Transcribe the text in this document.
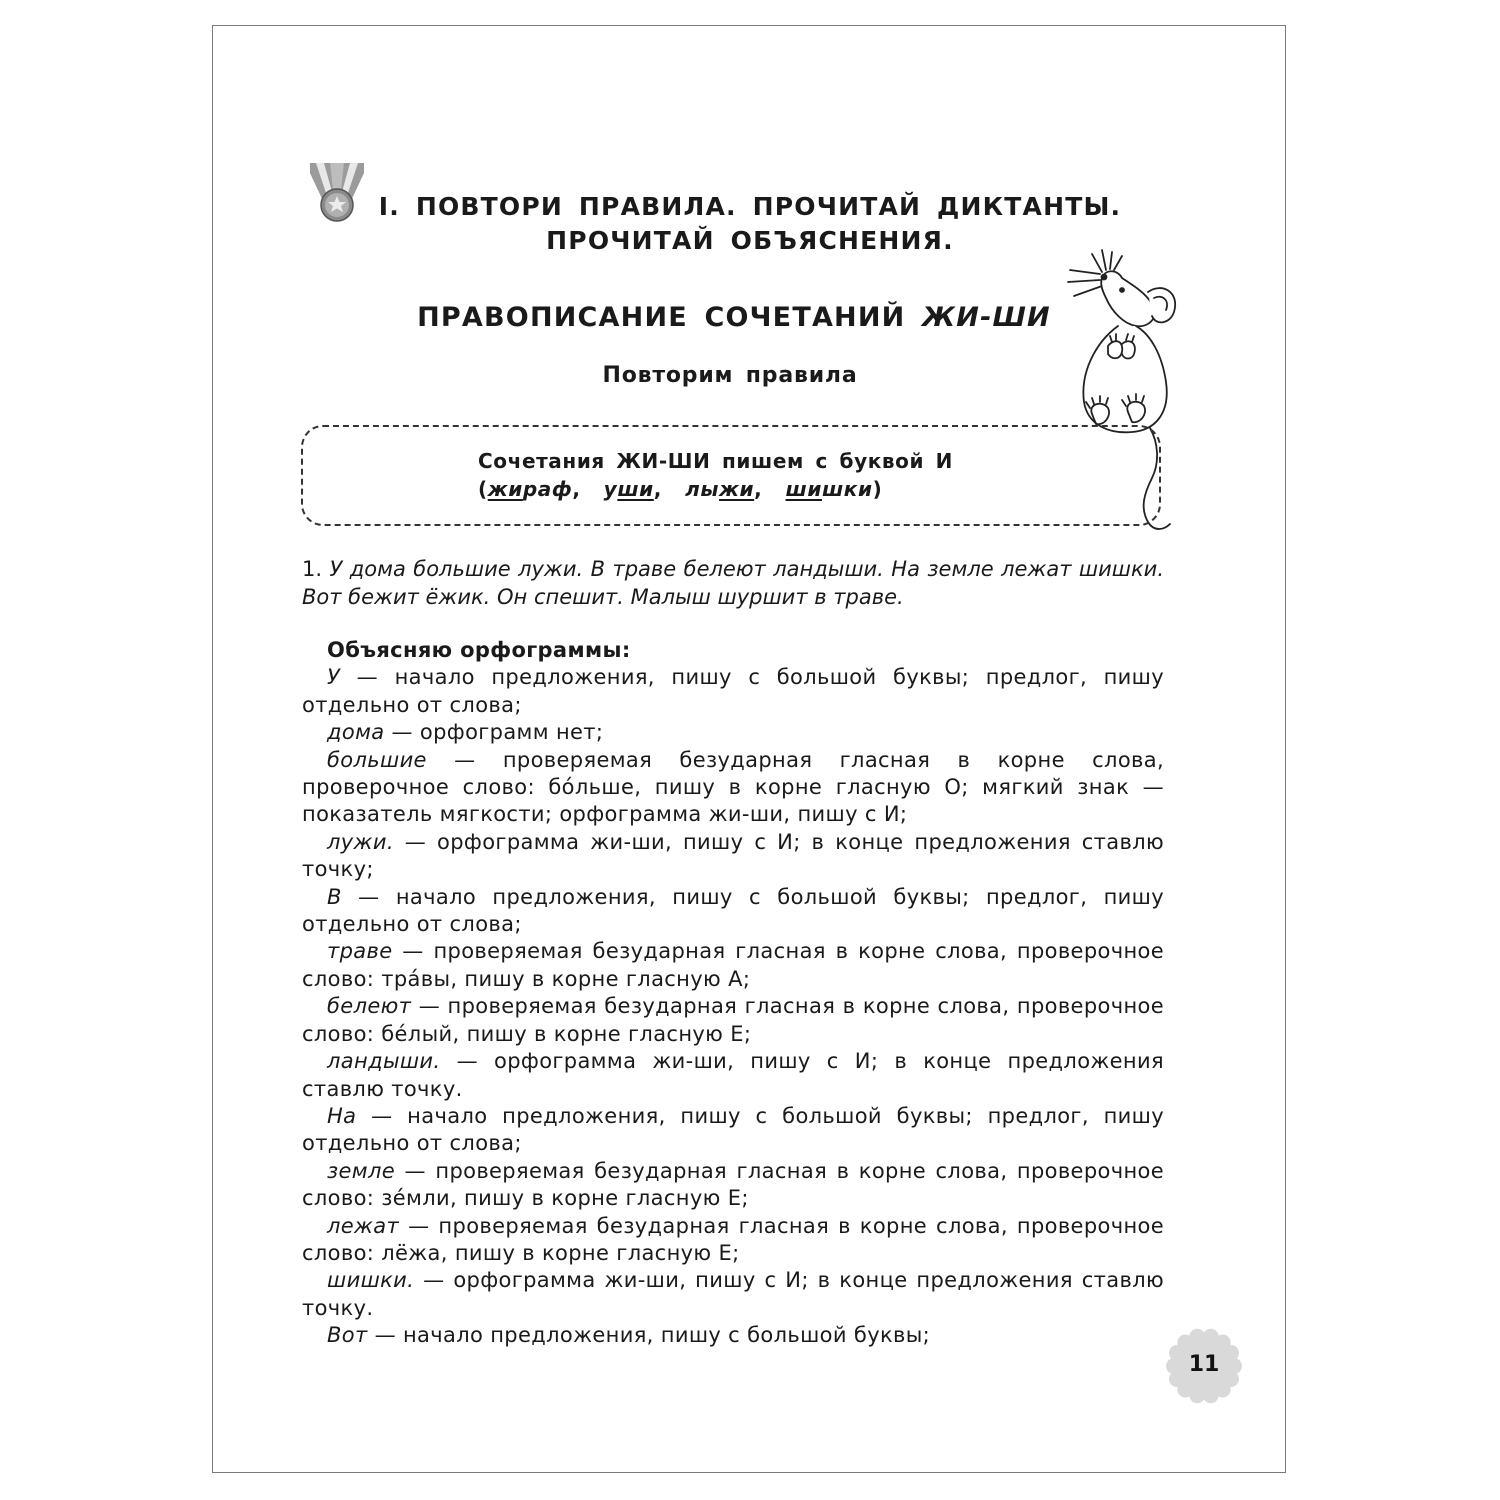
I. ПОВТОРИ ПРАВИЛА. ПРОЧИТАЙ ДИКТАНТЫ.
ПРОЧИТАЙ ОБЪЯСНЕНИЯ.
ПРАВОПИСАНИЕ СОЧЕТАНИЙ ЖИ-ШИ
Повторим правила
Сочетания ЖИ-ШИ пишем с буквой И
(жираф,  уши,  лыжи,  шишки)
1. У дома большие лужи. В траве белеют ландыши. На земле лежат шишки. Вот бежит ёжик. Он спешит. Малыш шуршит в траве.
Объясняю орфограммы:
У — начало предложения, пишу с большой буквы; предлог, пишу отдельно от слова;
дома — орфограмм нет;
большие — проверяемая безударная гласная в корне слова, проверочное слово: бóльше, пишу в корне гласную О; мягкий знак — показатель мягкости; орфограмма жи-ши, пишу с И;
лужи. — орфограмма жи-ши, пишу с И; в конце предложения ставлю точку;
В — начало предложения, пишу с большой буквы; предлог, пишу отдельно от слова;
траве — проверяемая безударная гласная в корне слова, проверочное слово: трáвы, пишу в корне гласную А;
белеют — проверяемая безударная гласная в корне слова, проверочное слово: бéлый, пишу в корне гласную Е;
ландыши. — орфограмма жи-ши, пишу с И; в конце предложения ставлю точку.
На — начало предложения, пишу с большой буквы; предлог, пишу отдельно от слова;
земле — проверяемая безударная гласная в корне слова, проверочное слово: зéмли, пишу в корне гласную Е;
лежат — проверяемая безударная гласная в корне слова, проверочное слово: лёжа, пишу в корне гласную Е;
шишки. — орфограмма жи-ши, пишу с И; в конце предложения ставлю точку.
Вот — начало предложения, пишу с большой буквы;
11
